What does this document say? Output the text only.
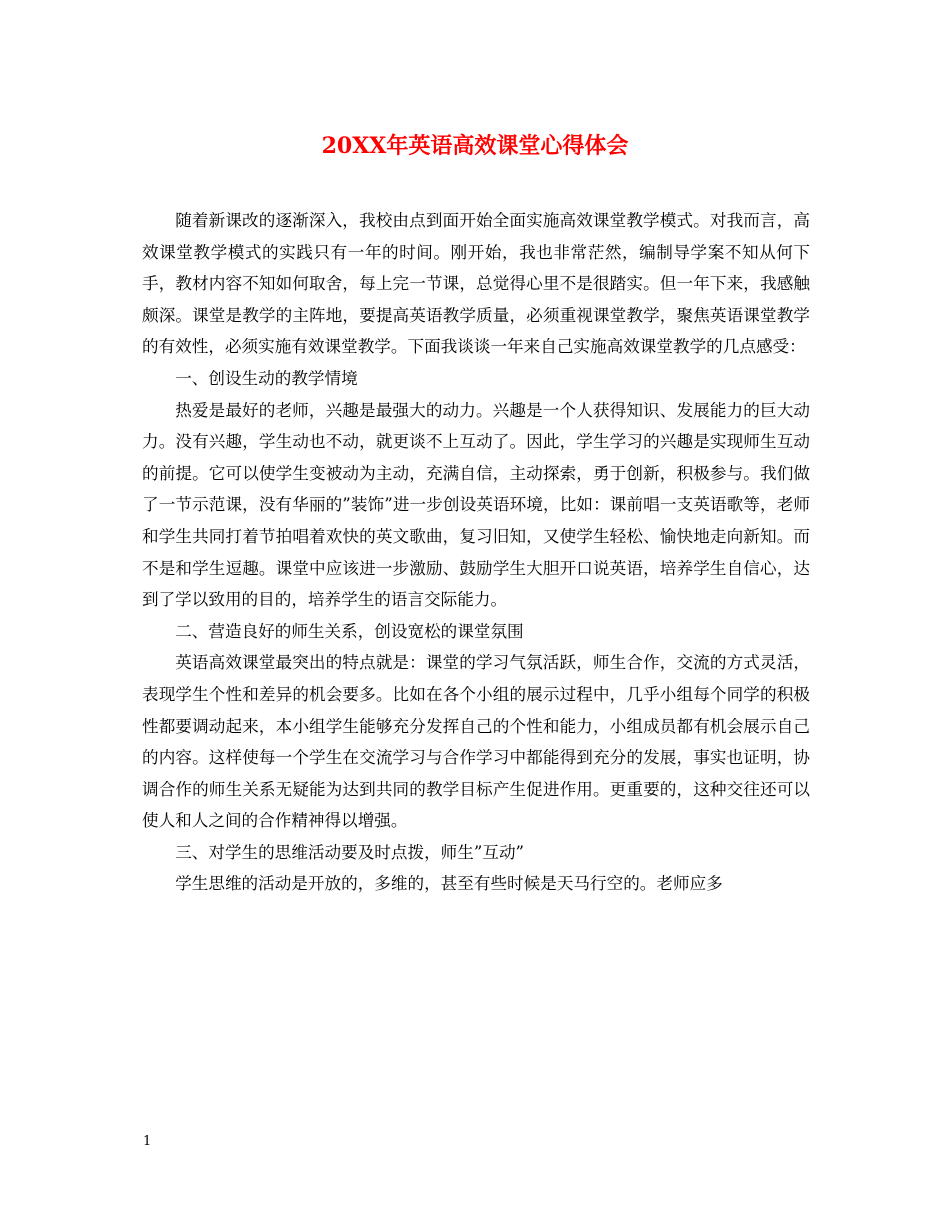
20XX年英语高效课堂心得体会

随着新课改的逐渐深入，我校由点到面开始全面实施高效课堂教学模式。对我而言，高效课堂教学模式的实践只有一年的时间。刚开始，我也非常茫然，编制导学案不知从何下手，教材内容不知如何取舍，每上完一节课，总觉得心里不是很踏实。但一年下来，我感触颇深。课堂是教学的主阵地，要提高英语教学质量，必须重视课堂教学，聚焦英语课堂教学的有效性，必须实施有效课堂教学。下面我谈谈一年来自己实施高效课堂教学的几点感受：

一、创设生动的教学情境

热爱是最好的老师，兴趣是最强大的动力。兴趣是一个人获得知识、发展能力的巨大动力。没有兴趣，学生动也不动，就更谈不上互动了。因此，学生学习的兴趣是实现师生互动的前提。它可以使学生变被动为主动，充满自信，主动探索，勇于创新，积极参与。我们做了一节示范课，没有华丽的”装饰”进一步创设英语环境，比如：课前唱一支英语歌等，老师和学生共同打着节拍唱着欢快的英文歌曲，复习旧知，又使学生轻松、愉快地走向新知。而不是和学生逗趣。课堂中应该进一步激励、鼓励学生大胆开口说英语，培养学生自信心，达到了学以致用的目的，培养学生的语言交际能力。

二、营造良好的师生关系，创设宽松的课堂氛围

英语高效课堂最突出的特点就是：课堂的学习气氛活跃，师生合作，交流的方式灵活，表现学生个性和差异的机会要多。比如在各个小组的展示过程中，几乎小组每个同学的积极性都要调动起来，本小组学生能够充分发挥自己的个性和能力，小组成员都有机会展示自己的内容。这样使每一个学生在交流学习与合作学习中都能得到充分的发展，事实也证明，协调合作的师生关系无疑能为达到共同的教学目标产生促进作用。更重要的，这种交往还可以使人和人之间的合作精神得以增强。

三、对学生的思维活动要及时点拨，师生”互动”

学生思维的活动是开放的，多维的，甚至有些时候是天马行空的。老师应多

1
